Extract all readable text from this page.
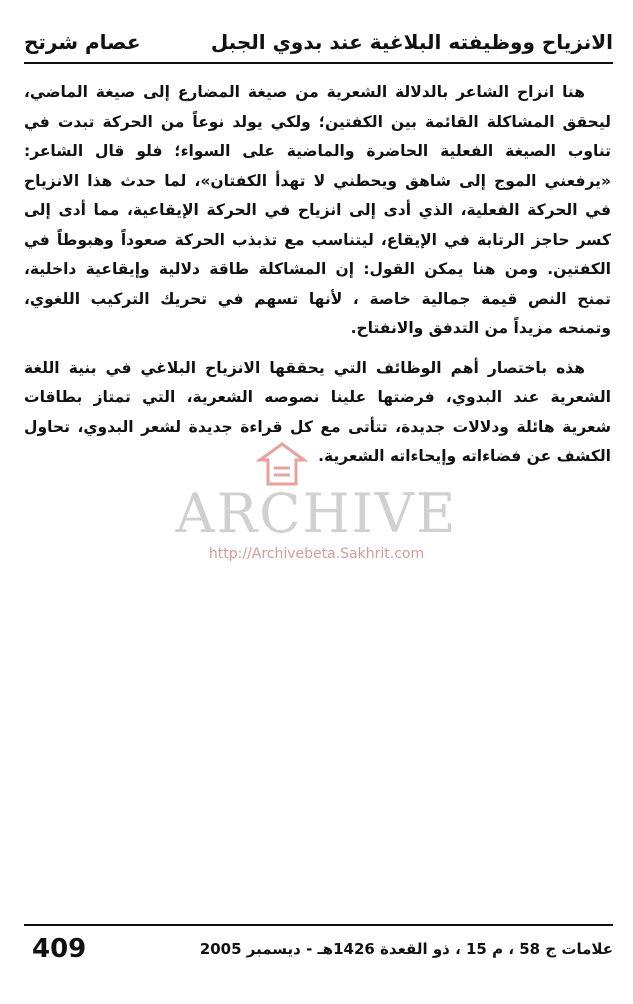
الانزياح ووظيفته البلاغية عند بدوي الجبل
عصام شرتح

هنا انزاح الشاعر بالدلالة الشعرية من صيغة المضارع إلى صيغة الماضي، ليحقق المشاكلة القائمة بين الكفتين؛ ولكي يولد نوعاً من الحركة تبدت في تناوب الصيغة الفعلية الحاضرة والماضية على السواء؛ فلو قال الشاعر: «يرفعني الموج إلى شاهق ويحطني لا تهدأ الكفتان»، لما حدث هذا الانزياح في الحركة الفعلية، الذي أدى إلى انزياح في الحركة الإيقاعية، مما أدى إلى كسر حاجز الرتابة في الإيقاع، ليتناسب مع تذبذب الحركة صعوداً وهبوطاً في الكفتين. ومن هنا يمكن القول: إن المشاكلة طاقة دلالية وإيقاعية داخلية، تمنح النص قيمة جمالية خاصة ، لأنها تسهم في تحريك التركيب اللغوي، وتمنحه مزيداً من التدفق والانفتاح.

هذه باختصار أهم الوظائف التي يحققها الانزياح البلاغي في بنية اللغة الشعرية عند البدوي، فرضتها علينا نصوصه الشعرية، التي تمتاز بطاقات شعرية هائلة ودلالات جديدة، تتأتى مع كل قراءة جديدة لشعر البدوي، تحاول الكشف عن فضاءاته وإيحاءاته الشعرية.

ARCHIVE
http://Archivebeta.Sakhrit.com
409	علامات ج 58 ، م 15 ، ذو القعدة 1426هـ - ديسمبر 2005
